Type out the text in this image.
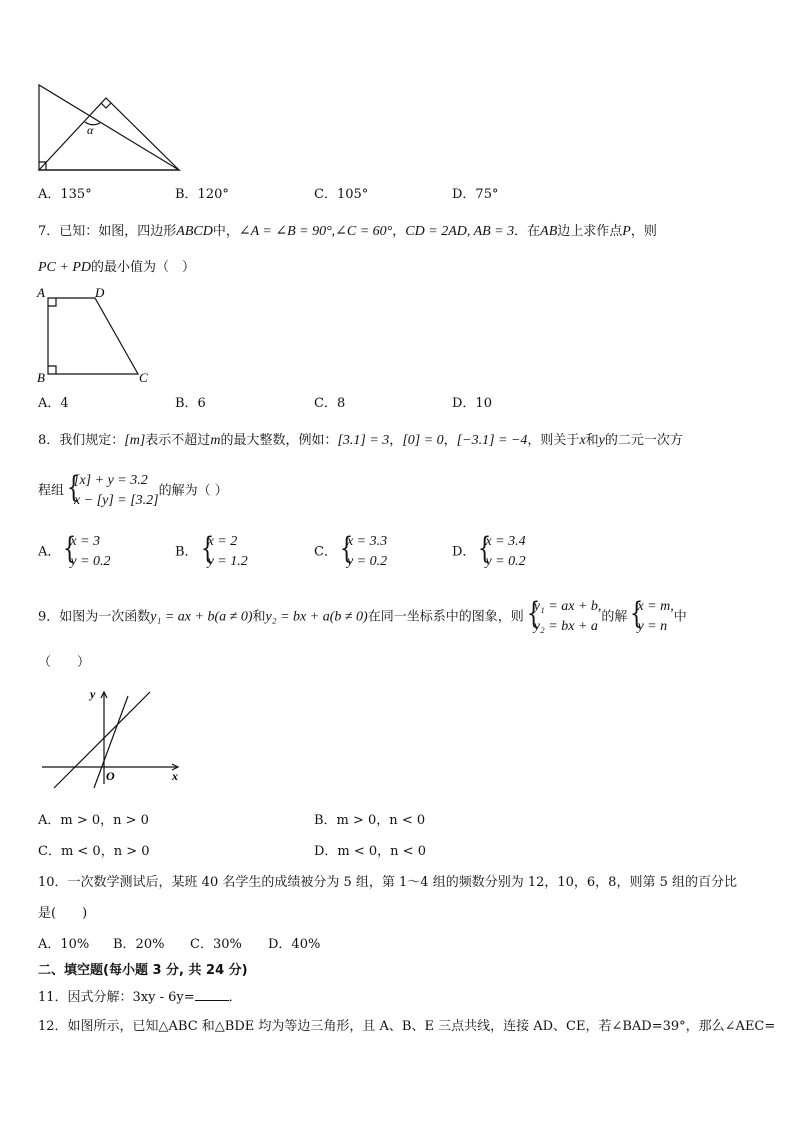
α
A．135°	B．120°	C．105°	D．75°
7．已知：如图，四边形ABCD中，∠A = ∠B = 90°,∠C = 60°，CD = 2AD, AB = 3．在AB边上求作点P，则
PC + PD的最小值为（　）
A	D
B	C
A．4	B．6	C．8	D．10
8．我们规定：[m]表示不超过m的最大整数，例如：[3.1] = 3，[0] = 0，[−3.1] = −4，则关于x和y的二元一次方
程组 {
[x] + y = 3.2
x − [y] = [3.2]
的解为（ ）
A． {
x = 3
y = 0.2
B． {
x = 2
y = 1.2
C． {
x = 3.3
y = 0.2
D． {
x = 3.4
y = 0.2
9．如图为一次函数y₁ = ax + b(a ≠ 0)和y₂ = bx + a(b ≠ 0)在同一坐标系中的图象，则 {
y₁ = ax + b,
y₂ = bx + a
的解 {
x = m,
y = n
中
（　　）
y
x
O
A．m > 0，n > 0	B．m > 0，n < 0
C．m < 0，n > 0	D．m < 0，n < 0
10．一次数学测试后，某班 40 名学生的成绩被分为 5 组，第 1～4 组的频数分别为 12，10，6，8，则第 5 组的百分比
是(　　)
A．10% B．20% C．30% D．40%
二、填空题(每小题 3 分, 共 24 分)
11．因式分解：3xy - 6y=	．
12．如图所示，已知△ABC 和△BDE 均为等边三角形，且 A、B、E 三点共线，连接 AD、CE，若∠BAD=39°，那么∠AEC=
